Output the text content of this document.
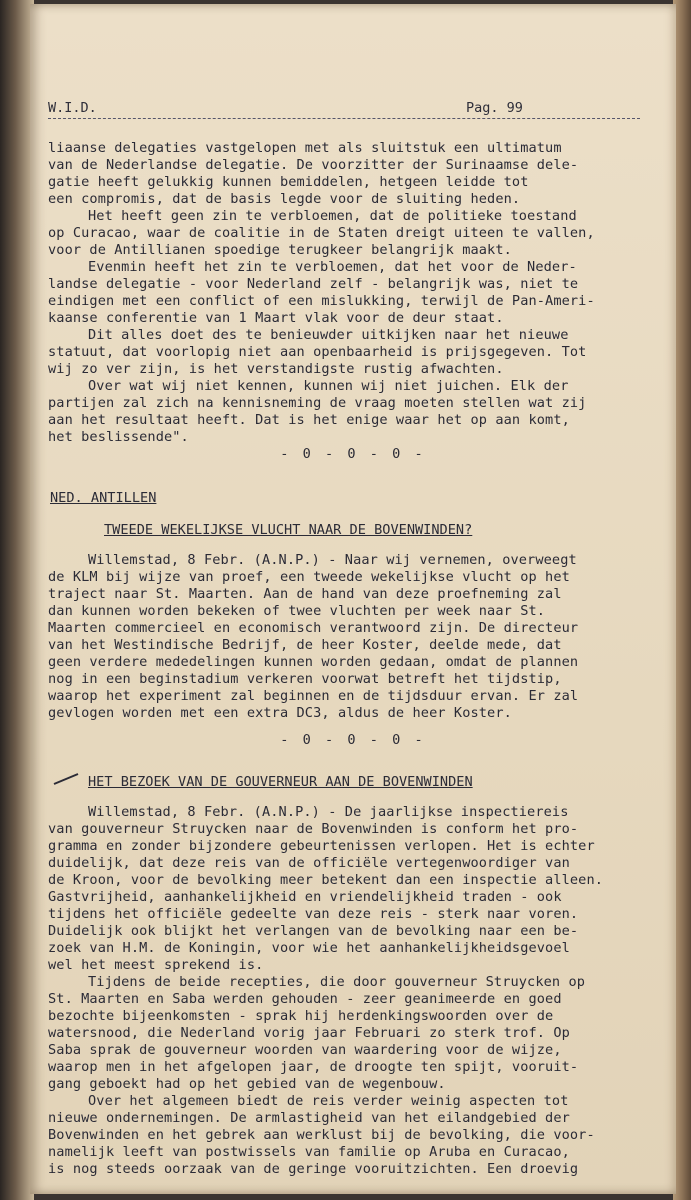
W.I.D.	Pag. 99

liaanse delegaties vastgelopen met als sluitstuk een ultimatum

van de Nederlandse delegatie. De voorzitter der Surinaamse dele-

gatie heeft gelukkig kunnen bemiddelen, hetgeen leidde tot

een compromis, dat de basis legde voor de sluiting heden.

Het heeft geen zin te verbloemen, dat de politieke toestand

op Curacao, waar de coalitie in de Staten dreigt uiteen te vallen,

voor de Antillianen spoedige terugkeer belangrijk maakt.

Evenmin heeft het zin te verbloemen, dat het voor de Neder-

landse delegatie - voor Nederland zelf - belangrijk was, niet te

eindigen met een conflict of een mislukking, terwijl de Pan-Ameri-

kaanse conferentie van 1 Maart vlak voor de deur staat.

Dit alles doet des te benieuwder uitkijken naar het nieuwe

statuut, dat voorlopig niet aan openbaarheid is prijsgegeven. Tot

wij zo ver zijn, is het verstandigste rustig afwachten.

Over wat wij niet kennen, kunnen wij niet juichen. Elk der

partijen zal zich na kennisneming de vraag moeten stellen wat zij

aan het resultaat heeft. Dat is het enige waar het op aan komt,

het beslissende".

- 0 - 0 - 0 -
NED. ANTILLEN
TWEEDE WEKELIJKSE VLUCHT NAAR DE BOVENWINDEN?

Willemstad, 8 Febr. (A.N.P.) - Naar wij vernemen, overweegt

de KLM bij wijze van proef, een tweede wekelijkse vlucht op het

traject naar St. Maarten. Aan de hand van deze proefneming zal

dan kunnen worden bekeken of twee vluchten per week naar St.

Maarten commercieel en economisch verantwoord zijn. De directeur

van het Westindische Bedrijf, de heer Koster, deelde mede, dat

geen verdere mededelingen kunnen worden gedaan, omdat de plannen

nog in een beginstadium verkeren voorwat betreft het tijdstip,

waarop het experiment zal beginnen en de tijdsduur ervan. Er zal

gevlogen worden met een extra DC3, aldus de heer Koster.

- 0 - 0 - 0 -
HET BEZOEK VAN DE GOUVERNEUR AAN DE BOVENWINDEN

Willemstad, 8 Febr. (A.N.P.) - De jaarlijkse inspectiereis

van gouverneur Struycken naar de Bovenwinden is conform het pro-

gramma en zonder bijzondere gebeurtenissen verlopen. Het is echter

duidelijk, dat deze reis van de officiële vertegenwoordiger van

de Kroon, voor de bevolking meer betekent dan een inspectie alleen.

Gastvrijheid, aanhankelijkheid en vriendelijkheid traden - ook

tijdens het officiële gedeelte van deze reis - sterk naar voren.

Duidelijk ook blijkt het verlangen van de bevolking naar een be-

zoek van H.M. de Koningin, voor wie het aanhankelijkheidsgevoel

wel het meest sprekend is.

Tijdens de beide recepties, die door gouverneur Struycken op

St. Maarten en Saba werden gehouden - zeer geanimeerde en goed

bezochte bijeenkomsten - sprak hij herdenkingswoorden over de

watersnood, die Nederland vorig jaar Februari zo sterk trof. Op

Saba sprak de gouverneur woorden van waardering voor de wijze,

waarop men in het afgelopen jaar, de droogte ten spijt, vooruit-

gang geboekt had op het gebied van de wegenbouw.

Over het algemeen biedt de reis verder weinig aspecten tot

nieuwe ondernemingen. De armlastigheid van het eilandgebied der

Bovenwinden en het gebrek aan werklust bij de bevolking, die voor-

namelijk leeft van postwissels van familie op Aruba en Curacao,

is nog steeds oorzaak van de geringe vooruitzichten. Een droevig
